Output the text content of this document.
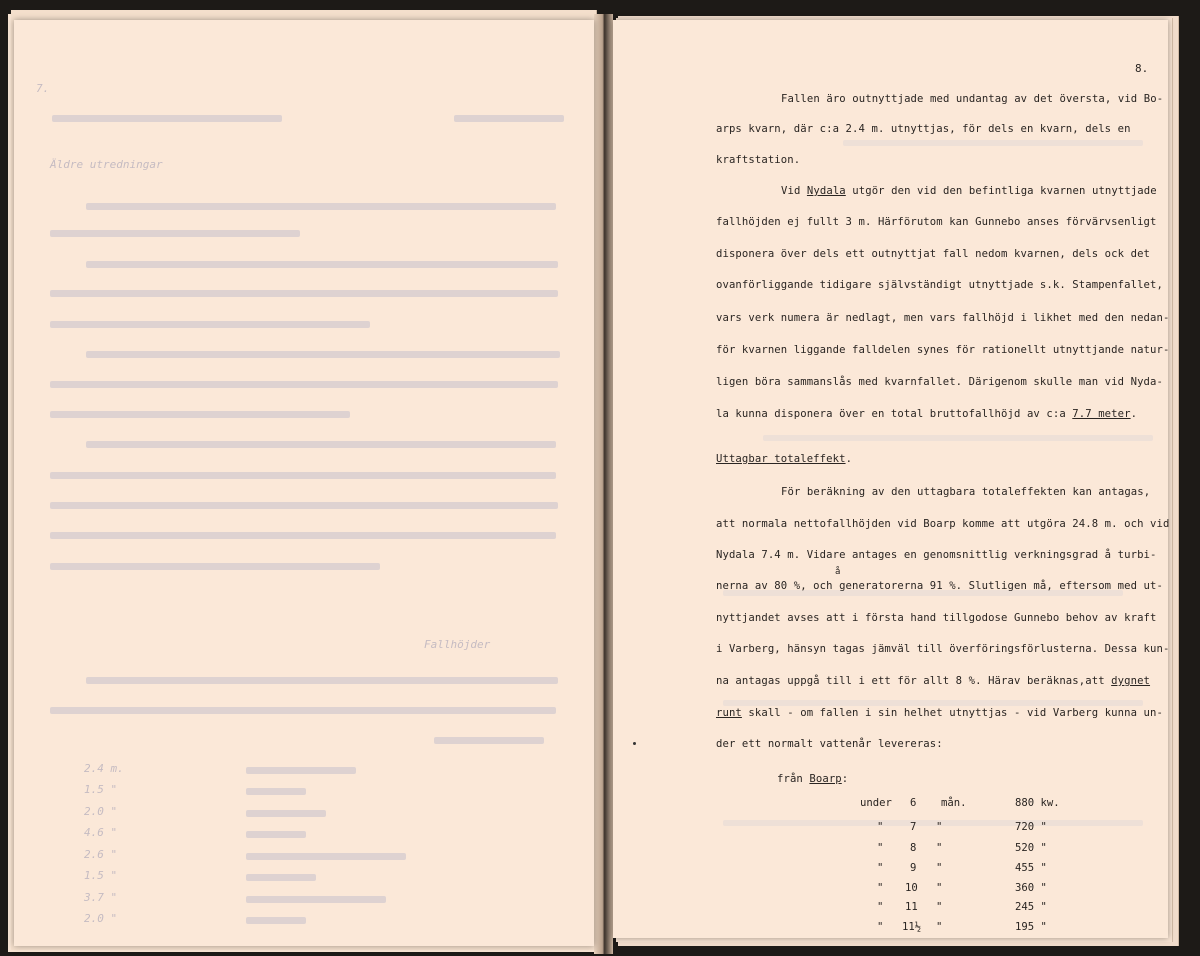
7.
Äldre utredningar
Fallhöjder
2.4 m.
1.5 "
2.0 "
4.6 "
2.6 "
1.5 "
3.7 "
2.0 "
8.
Fallen äro outnyttjade med undantag av det översta, vid Bo-
arps kvarn, där c:a 2.4 m. utnyttjas, för dels en kvarn, dels en
kraftstation.
Vid Nydala utgör den vid den befintliga kvarnen utnyttjade
fallhöjden ej fullt 3 m. Härförutom kan Gunnebo anses förvärvsenligt
disponera över dels ett outnyttjat fall nedom kvarnen, dels ock det
ovanförliggande tidigare självständigt utnyttjade s.k. Stampenfallet,
vars verk numera är nedlagt, men vars fallhöjd i likhet med den nedan-
för kvarnen liggande falldelen synes för rationellt utnyttjande natur-
ligen böra sammanslås med kvarnfallet. Därigenom skulle man vid Nyda-
la kunna disponera över en total bruttofallhöjd av c:a 7.7 meter.
Uttagbar totaleffekt.
För beräkning av den uttagbara totaleffekten kan antagas,
att normala nettofallhöjden vid Boarp komme att utgöra 24.8 m. och vid
Nydala 7.4 m. Vidare antages en genomsnittlig verkningsgrad å turbi-
å
nerna av 80 %, och generatorerna 91 %. Slutligen må, eftersom med ut-
nyttjandet avses att i första hand tillgodose Gunnebo behov av kraft
i Varberg, hänsyn tagas jämväl till överföringsförlusterna. Dessa kun-
na antagas uppgå till i ett för allt 8 %. Härav beräknas,att dygnet
runt skall - om fallen i sin helhet utnyttjas - vid Varberg kunna un-
der ett normalt vattenår levereras:
från Boarp:
under 6 mån.	880 kw.
"	7 "	720 "
"	8 "	520 "
"	9 "	455 "
" 10 "	360 "
" 11 "	245 "
" 11½ "	195 "
